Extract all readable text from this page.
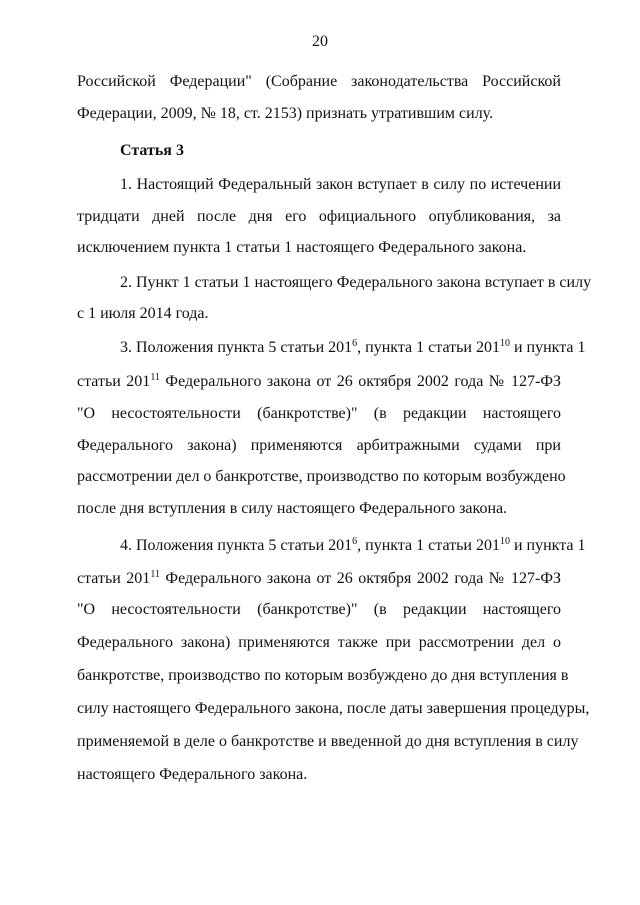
20
Российской Федерации" (Собрание законодательства Российской
Федерации, 2009, № 18, ст. 2153) признать утратившим силу.
Статья 3
1. Настоящий Федеральный закон вступает в силу по истечении
тридцати дней после дня его официального опубликования, за
исключением пункта 1 статьи 1 настоящего Федерального закона.
2. Пункт 1 статьи 1 настоящего Федерального закона вступает в силу
с 1 июля 2014 года.
3. Положения пункта 5 статьи $201^6$, пункта 1 статьи $201^{10}$ и пункта 1
статьи $201^{11}$ Федерального закона от 26 октября 2002 года № 127-ФЗ
"О несостоятельности (банкротстве)" (в редакции настоящего
Федерального закона) применяются арбитражными судами при
рассмотрении дел о банкротстве, производство по которым возбуждено
после дня вступления в силу настоящего Федерального закона.
4. Положения пункта 5 статьи $201^6$, пункта 1 статьи $201^{10}$ и пункта 1
статьи $201^{11}$ Федерального закона от 26 октября 2002 года № 127-ФЗ
"О несостоятельности (банкротстве)" (в редакции настоящего
Федерального закона) применяются также при рассмотрении дел о
банкротстве, производство по которым возбуждено до дня вступления в
силу настоящего Федерального закона, после даты завершения процедуры,
применяемой в деле о банкротстве и введенной до дня вступления в силу
настоящего Федерального закона.
